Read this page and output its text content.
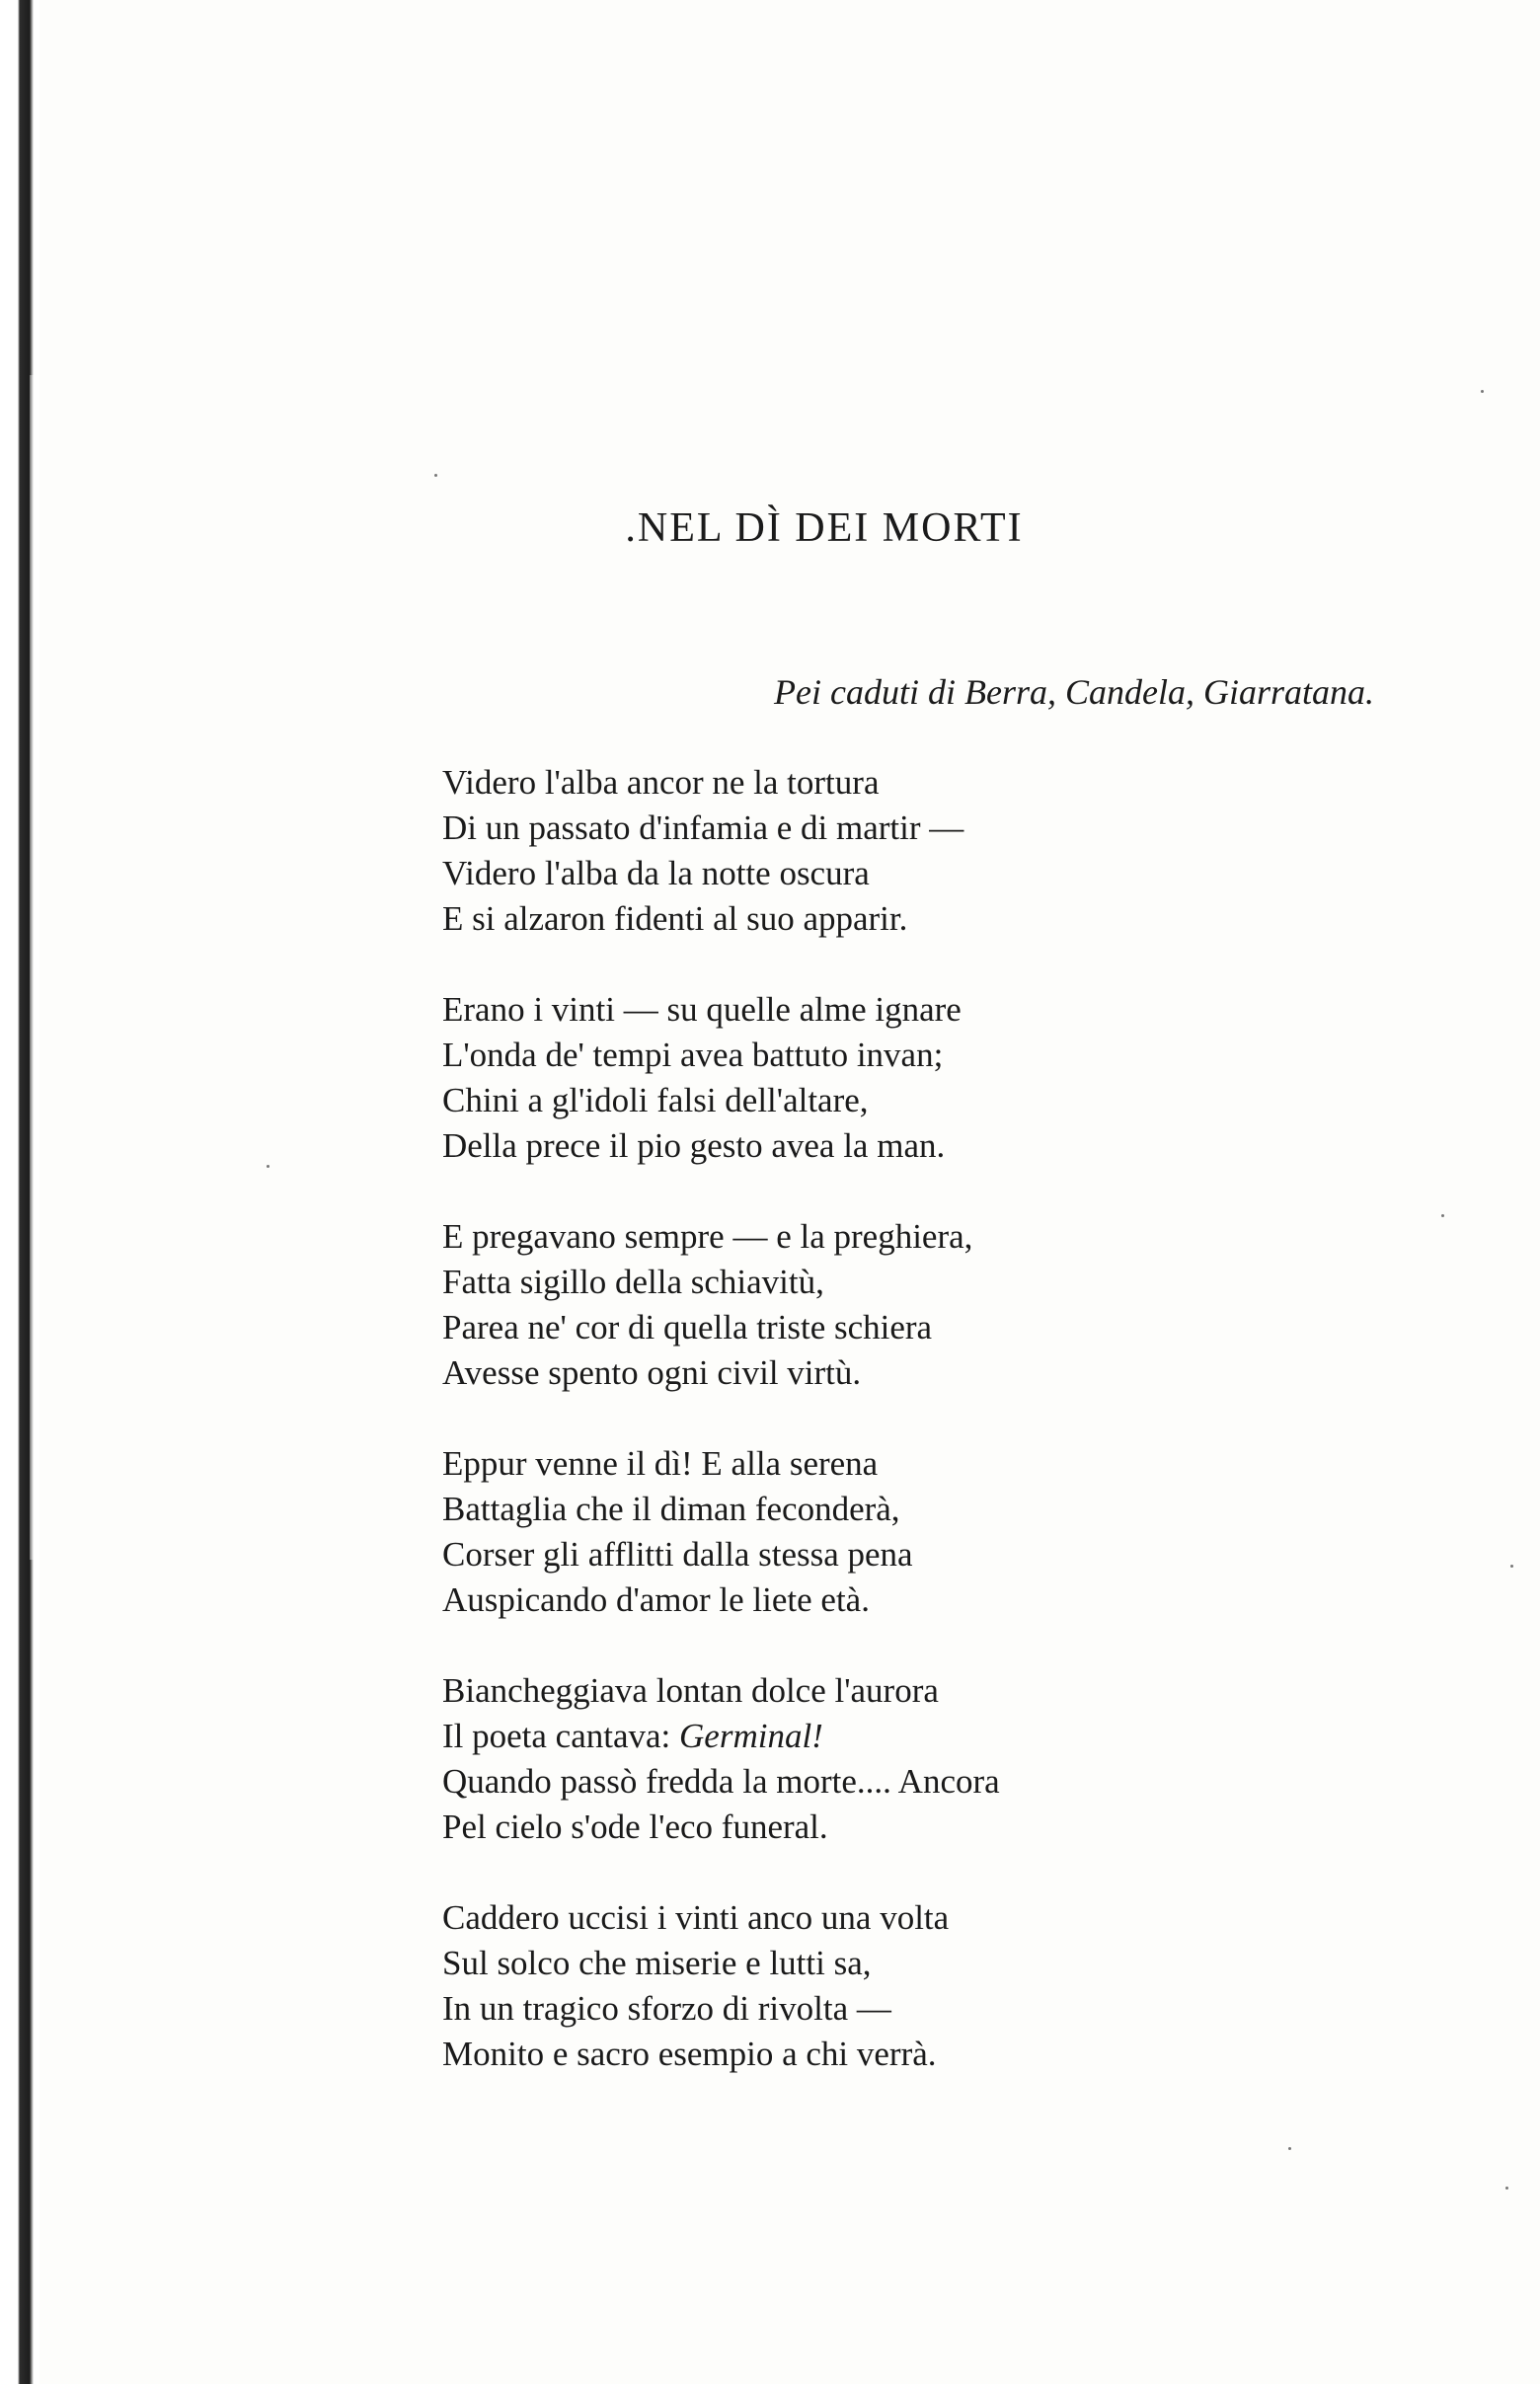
.NEL DÌ DEI MORTI

Pei caduti di Berra, Candela, Giarratana.

Videro l'alba ancor ne la tortura
Di un passato d'infamia e di martir —
Videro l'alba da la notte oscura
E si alzaron fidenti al suo apparir.
Erano i vinti — su quelle alme ignare
L'onda de' tempi avea battuto invan;
Chini a gl'idoli falsi dell'altare,
Della prece il pio gesto avea la man.
E pregavano sempre — e la preghiera,
Fatta sigillo della schiavitù,
Parea ne' cor di quella triste schiera
Avesse spento ogni civil virtù.
Eppur venne il dì! E alla serena
Battaglia che il diman feconderà,
Corser gli afflitti dalla stessa pena
Auspicando d'amor le liete età.
Biancheggiava lontan dolce l'aurora
Il poeta cantava: Germinal!
Quando passò fredda la morte.... Ancora
Pel cielo s'ode l'eco funeral.
Caddero uccisi i vinti anco una volta
Sul solco che miserie e lutti sa,
In un tragico sforzo di rivolta —
Monito e sacro esempio a chi verrà.
